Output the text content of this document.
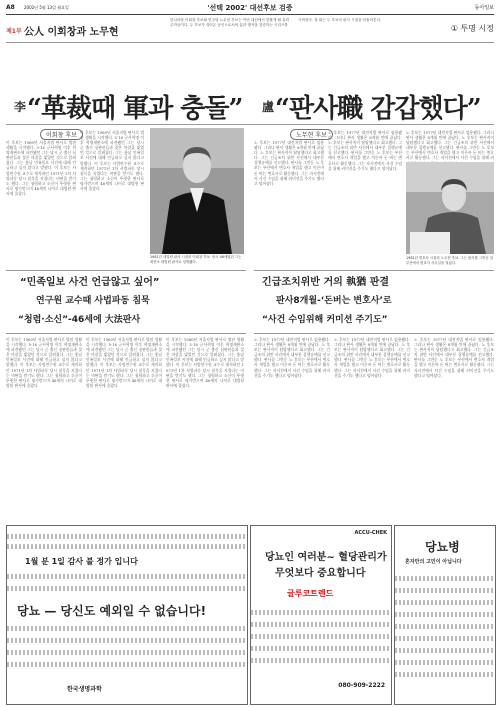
A8 2002년 5월 13일 월요일	'선택 2002' 대선후보 검증	동아일보
제1부 公人 이회창과 노무현
한나라당 이회창 후보와 민주당 노무현 후보는 이번 대선에서 맞붙게 될 유력 주자들이다. 두 후보가 걸어온 공인으로서의 삶과 행적을 검증하는 시리즈를 시작한다. 첫 회는 두 후보의 판사 시절을 되돌아본다.
① 투명 시정
$^李$“革裁때 軍과 충돌” $^盧$“판사職 감갑했다”
이회창 후보
이 후보는 1960년 서울지법 판사로 법관 생활을 시작했다. 5·16 군사혁명 이후 혁명재판소에 파견됐던 그는 당시 군 출신 심판관들과 잦은 마찰을 빚었던 것으로 알려졌다. 그는 훗날 민족일보 사건에 대해 언급하고 싶지 않다고 말했다. 이 후보는 사법연수원 교수로 재직하던 1971년 1차 사법파동 당시 침묵을 지켰다는 비판을 받기도 했다. 그는 청렴하고 소신이 뚜렷한 판사로 평가받으며 46세의 나이로 대법원 판사에 올랐다.
이 후보는 1960년 서울지법 판사로 법관 생활을 시작했다. 5·16 군사혁명 이후 혁명재판소에 파견됐던 그는 당시 군 출신 심판관들과 잦은 마찰을 빚었던 것으로 알려졌다. 그는 훗날 민족일보 사건에 대해 언급하고 싶지 않다고 말했다. 이 후보는 사법연수원 교수로 재직하던 1971년 1차 사법파동 당시 침묵을 지켰다는 비판을 받기도 했다. 그는 청렴하고 소신이 뚜렷한 판사로 평가받으며 46세의 나이로 대법원 판사에 올랐다.
1981년 대법원 판사 시절의 이회창 후보. 당시 46세였던 그는 최연소 대법원 판사로 임명됐다.
“민족일보 사건 언급않고 싶어”
연구원 교수때 사법파동 침묵
“청렴·소신”-46세에 大法판사
이 후보는 1960년 서울지법 판사로 법관 생활을 시작했다. 5·16 군사혁명 이후 혁명재판소에 파견됐던 그는 당시 군 출신 심판관들과 잦은 마찰을 빚었던 것으로 알려졌다. 그는 훗날 민족일보 사건에 대해 언급하고 싶지 않다고 말했다. 이 후보는 사법연수원 교수로 재직하던 1971년 1차 사법파동 당시 침묵을 지켰다는 비판을 받기도 했다. 그는 청렴하고 소신이 뚜렷한 판사로 평가받으며 46세의 나이로 대법원 판사에 올랐다.
이 후보는 1960년 서울지법 판사로 법관 생활을 시작했다. 5·16 군사혁명 이후 혁명재판소에 파견됐던 그는 당시 군 출신 심판관들과 잦은 마찰을 빚었던 것으로 알려졌다. 그는 훗날 민족일보 사건에 대해 언급하고 싶지 않다고 말했다. 이 후보는 사법연수원 교수로 재직하던 1971년 1차 사법파동 당시 침묵을 지켰다는 비판을 받기도 했다. 그는 청렴하고 소신이 뚜렷한 판사로 평가받으며 46세의 나이로 대법원 판사에 올랐다.
이 후보는 1960년 서울지법 판사로 법관 생활을 시작했다. 5·16 군사혁명 이후 혁명재판소에 파견됐던 그는 당시 군 출신 심판관들과 잦은 마찰을 빚었던 것으로 알려졌다. 그는 훗날 민족일보 사건에 대해 언급하고 싶지 않다고 말했다. 이 후보는 사법연수원 교수로 재직하던 1971년 1차 사법파동 당시 침묵을 지켰다는 비판을 받기도 했다. 그는 청렴하고 소신이 뚜렷한 판사로 평가받으며 46세의 나이로 대법원 판사에 올랐다.
노무현 후보
노 후보는 1977년 대전지법 판사로 임용됐다. 그러나 판사 생활은 8개월 만에 끝났다. 노 후보는 판사직이 답답했다고 회고했다. 그는 긴급조치 위반 사건에서 대부분 집행유예를 선고했다. 판사를 그만둔 노 후보는 부산에서 변호사 개업을 했고 이른바 돈 버는 변호사로 활동했다. 그는 자서전에서 사건 수임을 위해 커미션을 주기도 했다고 털어놨다.
노 후보는 1977년 대전지법 판사로 임용됐다. 그러나 판사 생활은 8개월 만에 끝났다. 노 후보는 판사직이 답답했다고 회고했다. 그는 긴급조치 위반 사건에서 대부분 집행유예를 선고했다. 판사를 그만둔 노 후보는 부산에서 변호사 개업을 했고 이른바 돈 버는 변호사로 활동했다. 그는 자서전에서 사건 수임을 위해 커미션을 주기도 했다고 털어놨다.
노 후보는 1977년 대전지법 판사로 임용됐다. 그러나 판사 생활은 8개월 만에 끝났다. 노 후보는 판사직이 답답했다고 회고했다. 그는 긴급조치 위반 사건에서 대부분 집행유예를 선고했다. 판사를 그만둔 노 후보는 부산에서 변호사 개업을 했고 이른바 돈 버는 변호사로 활동했다. 그는 자서전에서 사건 수임을 위해 커
1981년 변호사 시절의 노무현 후보. 그는 판사를 그만둔 뒤 부산에서 변호사 사무실을 열었다.
긴급조치위반 거의 執猶 판결
판사8개월-‘돈버는 변호사’로
“사건 수임위해 커미션 주기도”
노 후보는 1977년 대전지법 판사로 임용됐다. 그러나 판사 생활은 8개월 만에 끝났다. 노 후보는 판사직이 답답했다고 회고했다. 그는 긴급조치 위반 사건에서 대부분 집행유예를 선고했다. 판사를 그만둔 노 후보는 부산에서 변호사 개업을 했고 이른바 돈 버는 변호사로 활동했다. 그는 자서전에서 사건 수임을 위해 커미션을 주기도 했다고 털어놨다.
노 후보는 1977년 대전지법 판사로 임용됐다. 그러나 판사 생활은 8개월 만에 끝났다. 노 후보는 판사직이 답답했다고 회고했다. 그는 긴급조치 위반 사건에서 대부분 집행유예를 선고했다. 판사를 그만둔 노 후보는 부산에서 변호사 개업을 했고 이른바 돈 버는 변호사로 활동했다. 그는 자서전에서 사건 수임을 위해 커미션을 주기도 했다고 털어놨다.
노 후보는 1977년 대전지법 판사로 임용됐다. 그러나 판사 생활은 8개월 만에 끝났다. 노 후보는 판사직이 답답했다고 회고했다. 그는 긴급조치 위반 사건에서 대부분 집행유예를 선고했다. 판사를 그만둔 노 후보는 부산에서 변호사 개업을 했고 이른바 돈 버는 변호사로 활동했다. 그는 자서전에서 사건 수임을 위해 커미션을 주기도 했다고 털어놨다.
1월 분 1일 감사 불 정가 입니다
당뇨 — 당신도 예외일 수 없습니다!
한국생명과학
ACCU-CHEK
당뇨인 여러분~ 혈당관리가
무엇보다 중요합니다
글루코트렌드
080-909-2222
당뇨병
혼자만의 고민이 아닙니다
